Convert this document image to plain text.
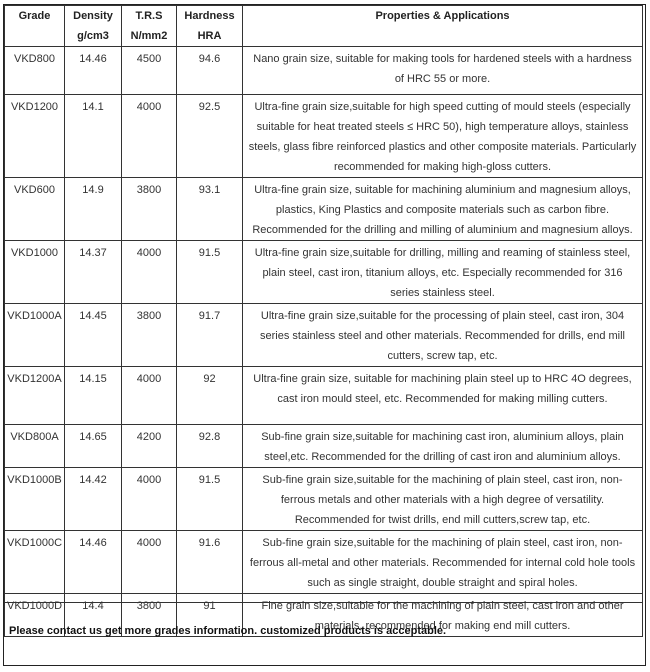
Grade	Density	T.R.S	Hardness	Properties & Applications
	g/cm3	N/mm2	HRA	
VKD800	14.46	4500	94.6	Nano grain size, suitable for making tools for hardened steels with a hardness
of HRC 55 or more.

VKD1200	14.1	4000	92.5	Ultra-fine grain size,suitable for high speed cutting of mould steels (especially
suitable for heat treated steels ≤ HRC 50), high temperature alloys, stainless
steels, glass fibre reinforced plastics and other composite materials. Particularly
recommended for making high-gloss cutters.

VKD600	14.9	3800	93.1	Ultra-fine grain size, suitable for machining aluminium and magnesium alloys,
plastics, King Plastics and composite materials such as carbon fibre.
Recommended for the drilling and milling of aluminium and magnesium alloys.

VKD1000	14.37	4000	91.5	Ultra-fine grain size,suitable for drilling, milling and reaming of stainless steel,
plain steel, cast iron, titanium alloys, etc. Especially recommended for 316
series stainless steel.

VKD1000A	14.45	3800	91.7	Ultra-fine grain size,suitable for the processing of plain steel, cast iron, 304
series stainless steel and other materials. Recommended for drills, end mill
cutters, screw tap, etc.

VKD1200A	14.15	4000	92	Ultra-fine grain size, suitable for machining plain steel up to HRC 4O degrees,
cast iron mould steel, etc. Recommended for making milling cutters.

VKD800A	14.65	4200	92.8	Sub-fine grain size,suitable for machining cast iron, aluminium alloys, plain
steel,etc. Recommended for the drilling of cast iron and aluminium alloys.

VKD1000B	14.42	4000	91.5	Sub-fine grain size,suitable for the machining of plain steel, cast iron, non-
ferrous metals and other materials with a high degree of versatility.
Recommended for twist drills, end mill cutters,screw tap, etc.

VKD1000C	14.46	4000	91.6	Sub-fine grain size,suitable for the machining of plain steel, cast iron, non-
ferrous all-metal and other materials. Recommended for internal cold hole tools
such as single straight, double straight and spiral holes.

VKD1000D	14.4	3800	91	Fine grain size,suitable for the machining of plain steel, cast iron and other
materials, recommended for making end mill cutters.
Please contact us get more grades information. customized products is acceptable.
